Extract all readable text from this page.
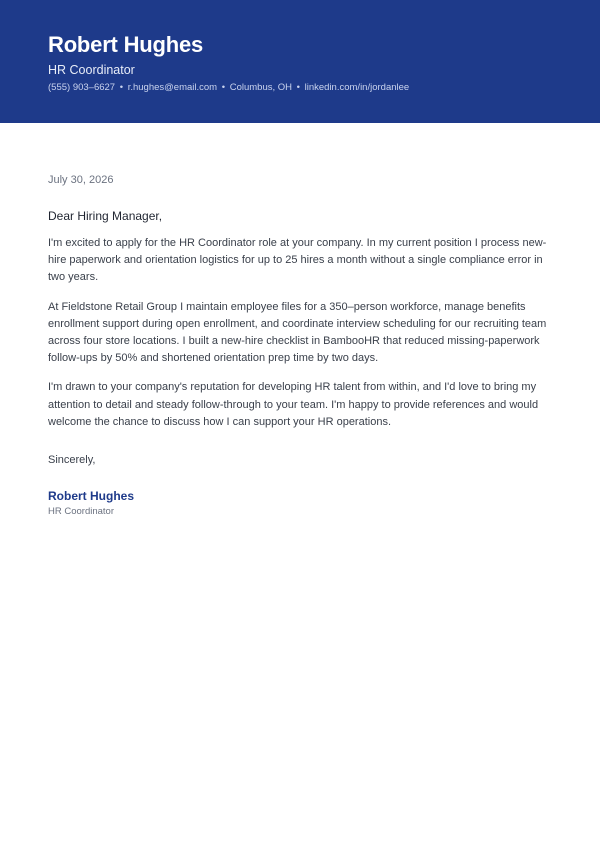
Robert Hughes
HR Coordinator
(555) 903–6627 • r.hughes@email.com • Columbus, OH • linkedin.com/in/jordanlee
July 30, 2026
Dear Hiring Manager,

I'm excited to apply for the HR Coordinator role at your company. In my current position I process new-hire paperwork and orientation logistics for up to 25 hires a month without a single compliance error in two years.

At Fieldstone Retail Group I maintain employee files for a 350–person workforce, manage benefits enrollment support during open enrollment, and coordinate interview scheduling for our recruiting team across four store locations. I built a new-hire checklist in BambooHR that reduced missing-paperwork follow-ups by 50% and shortened orientation prep time by two days.

I'm drawn to your company's reputation for developing HR talent from within, and I'd love to bring my attention to detail and steady follow-through to your team. I'm happy to provide references and would welcome the chance to discuss how I can support your HR operations.

Sincerely,
Robert Hughes
HR Coordinator
